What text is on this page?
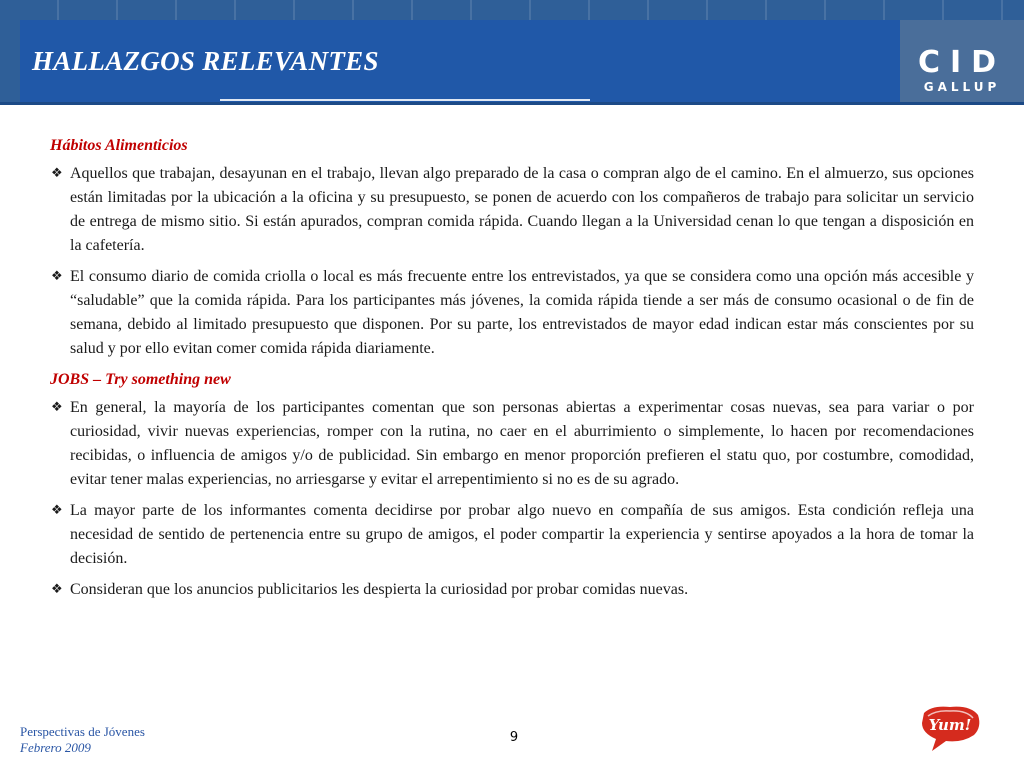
HALLAZGOS RELEVANTES	CID
GALLUP
Hábitos Alimenticios
❖ Aquellos que trabajan, desayunan en el trabajo, llevan algo preparado de la casa o compran algo de el camino. En el almuerzo, sus opciones están limitadas por la ubicación a la oficina y su presupuesto, se ponen de acuerdo con los compañeros de trabajo para solicitar un servicio de entrega de mismo sitio. Si están apurados, compran comida rápida. Cuando llegan a la Universidad cenan lo que tengan a disposición en la cafetería.
❖ El consumo diario de comida criolla o local es más frecuente entre los entrevistados, ya que se considera como una opción más accesible y “saludable” que la comida rápida. Para los participantes más jóvenes, la comida rápida tiende a ser más de consumo ocasional o de fin de semana, debido al limitado presupuesto que disponen. Por su parte, los entrevistados de mayor edad indican estar más conscientes por su salud y por ello evitan comer comida rápida diariamente.
JOBS – Try something new
❖ En general, la mayoría de los participantes comentan que son personas abiertas a experimentar cosas nuevas, sea para variar o por curiosidad, vivir nuevas experiencias, romper con la rutina, no caer en el aburrimiento o simplemente, lo hacen por recomendaciones recibidas, o influencia de amigos y/o de publicidad. Sin embargo en menor proporción prefieren el statu quo, por costumbre, comodidad, evitar tener malas experiencias, no arriesgarse y evitar el arrepentimiento si no es de su agrado.
❖ La mayor parte de los informantes comenta decidirse por probar algo nuevo en compañía de sus amigos. Esta condición refleja una necesidad de sentido de pertenencia entre su grupo de amigos, el poder compartir la experiencia y sentirse apoyados a la hora de tomar la decisión.
❖ Consideran que los anuncios publicitarios les despierta la curiosidad por probar comidas nuevas.
Perspectivas de Jóvenes
Febrero 2009
9
Yum!
